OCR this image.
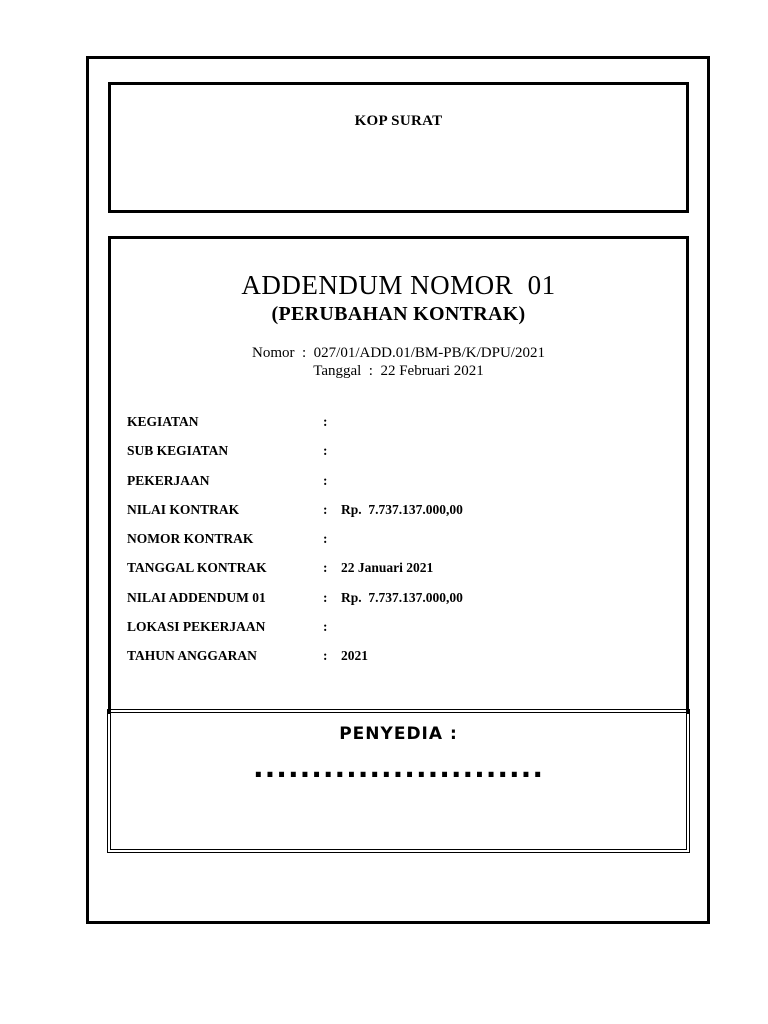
KOP SURAT
ADDENDUM NOMOR  01
(PERUBAHAN KONTRAK)
Nomor  :  027/01/ADD.01/BM-PB/K/DPU/2021
Tanggal  :  22 Februari 2021
KEGIATAN	:
SUB KEGIATAN	:
PEKERJAAN	:
NILAI KONTRAK	: Rp.  7.737.137.000,00
NOMOR KONTRAK	:
TANGGAL KONTRAK	: 22 Januari 2021
NILAI ADDENDUM 01	: Rp.  7.737.137.000,00
LOKASI PEKERJAAN	:
TAHUN ANGGARAN	: 2021
PENYEDIA :
.........................
